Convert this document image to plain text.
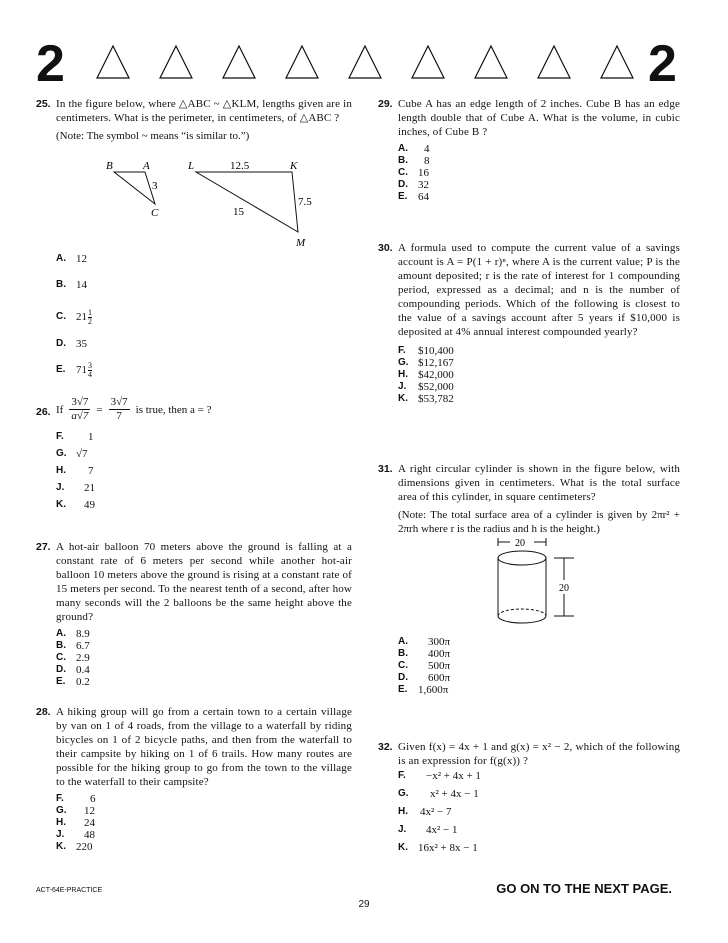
2	2
25. In the figure below, where △ABC ~ △KLM, lengths given are in centimeters. What is the perimeter, in centimeters, of △ABC ?
(Note: The symbol ~ means “is similar to.”)
B	A
C
3
L	K
M
12.5
7.5
15
A. 12
B. 14
C. 21 1
2
D. 35
E. 71 3
4
26. If $\frac{3√7}{a√7} = \frac{3√7}{7}$ is true, then a = ?
F.	1
G. √7
H.	7
J.	21
K.	49
27. A hot-air balloon 70 meters above the ground is falling at a constant rate of 6 meters per second while another hot-air balloon 10 meters above the ground is rising at a constant rate of 15 meters per second. To the nearest tenth of a second, after how many seconds will the 2 balloons be the same height above the ground?
A. 8.9
B. 6.7
C. 2.9
D. 0.4
E. 0.2
28. A hiking group will go from a certain town to a certain village by van on 1 of 4 roads, from the village to a waterfall by riding bicycles on 1 of 2 bicycle paths, and then from the waterfall to their campsite by hiking on 1 of 6 trails. How many routes are possible for the hiking group to go from the town to the village to the waterfall to their campsite?
F.	6
G.	12
H.	24
J.	48
K. 220
29. Cube A has an edge length of 2 inches. Cube B has an edge length double that of Cube A. What is the volume, in cubic inches, of Cube B ?
A.	4
B.	8
C. 16
D. 32
E. 64
30. A formula used to compute the current value of a savings account is A = P(1 + r)ⁿ, where A is the current value; P is the amount deposited; r is the rate of interest for 1 compounding period, expressed as a decimal; and n is the number of compounding periods. Which of the following is closest to the value of a savings account after 5 years if $10,000 is deposited at 4% annual interest compounded yearly?
F.	$10,400
G. $12,167
H. $42,000
J.	$52,000
K. $53,782
31. A right circular cylinder is shown in the figure below, with dimensions given in centimeters. What is the total surface area of this cylinder, in square centimeters?
(Note: The total surface area of a cylinder is given by 2πr² + 2πrh where r is the radius and h is the height.)
20
20
A.	300π
B.	400π
C.	500π
D.	600π
E. 1,600π
32. Given f(x) = 4x + 1 and g(x) = x² − 2, which of the following is an expression for f(g(x)) ?
F.	−x² + 4x + 1
G.	x² + 4x − 1
H.	4x² − 7
J.	4x² − 1
K. 16x² + 8x − 1
ACT-64E-PRACTICE	GO ON TO THE NEXT PAGE.
29
